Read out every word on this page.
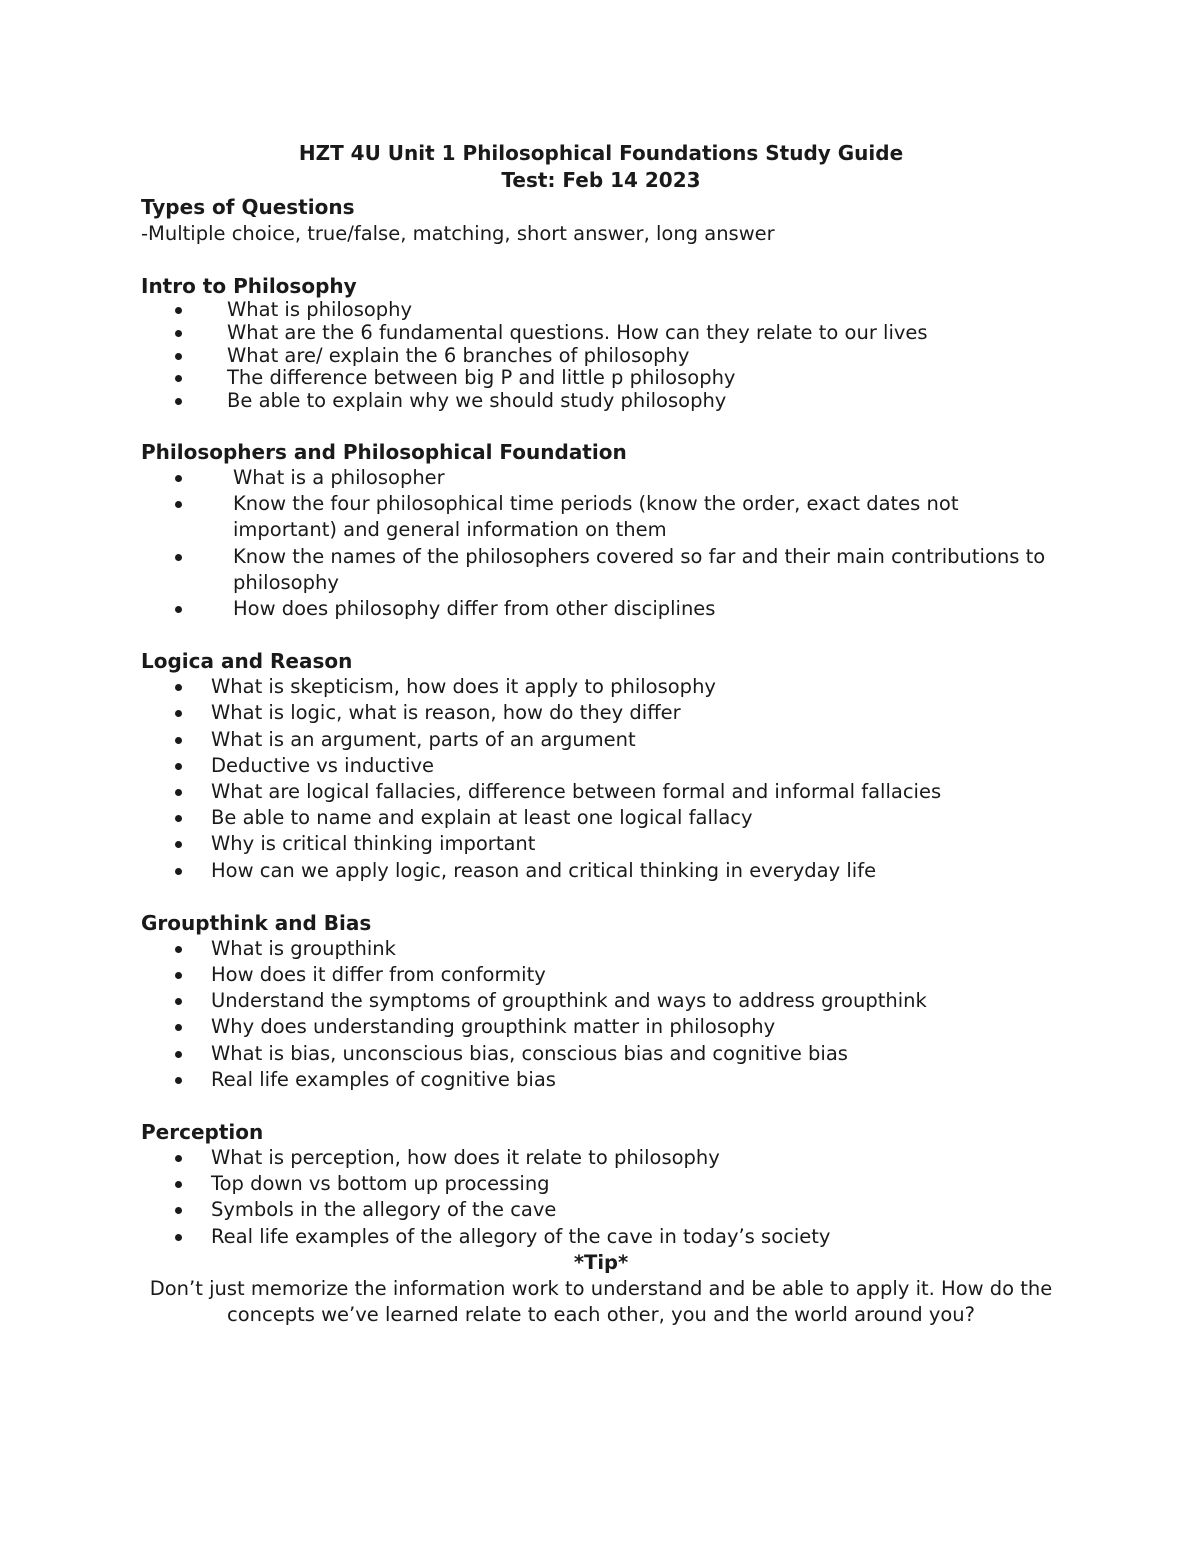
HZT 4U Unit 1 Philosophical Foundations Study Guide

Test: Feb 14 2023

Types of Questions

-Multiple choice, true/false, matching, short answer, long answer

Intro to Philosophy

What is philosophy
What are the 6 fundamental questions. How can they relate to our lives
What are/ explain the 6 branches of philosophy
The difference between big P and little p philosophy
Be able to explain why we should study philosophy

Philosophers and Philosophical Foundation

What is a philosopher
Know the four philosophical time periods (know the order, exact dates not important) and general information on them
Know the names of the philosophers covered so far and their main contributions to philosophy
How does philosophy differ from other disciplines

Logica and Reason

What is skepticism, how does it apply to philosophy
What is logic, what is reason, how do they differ
What is an argument, parts of an argument
Deductive vs inductive
What are logical fallacies, difference between formal and informal fallacies
Be able to name and explain at least one logical fallacy
Why is critical thinking important
How can we apply logic, reason and critical thinking in everyday life

Groupthink and Bias

What is groupthink
How does it differ from conformity
Understand the symptoms of groupthink and ways to address groupthink
Why does understanding groupthink matter in philosophy
What is bias, unconscious bias, conscious bias and cognitive bias
Real life examples of cognitive bias

Perception

What is perception, how does it relate to philosophy
Top down vs bottom up processing
Symbols in the allegory of the cave
Real life examples of the allegory of the cave in today’s society

*Tip*

Don’t just memorize the information work to understand and be able to apply it. How do the concepts we’ve learned relate to each other, you and the world around you?
